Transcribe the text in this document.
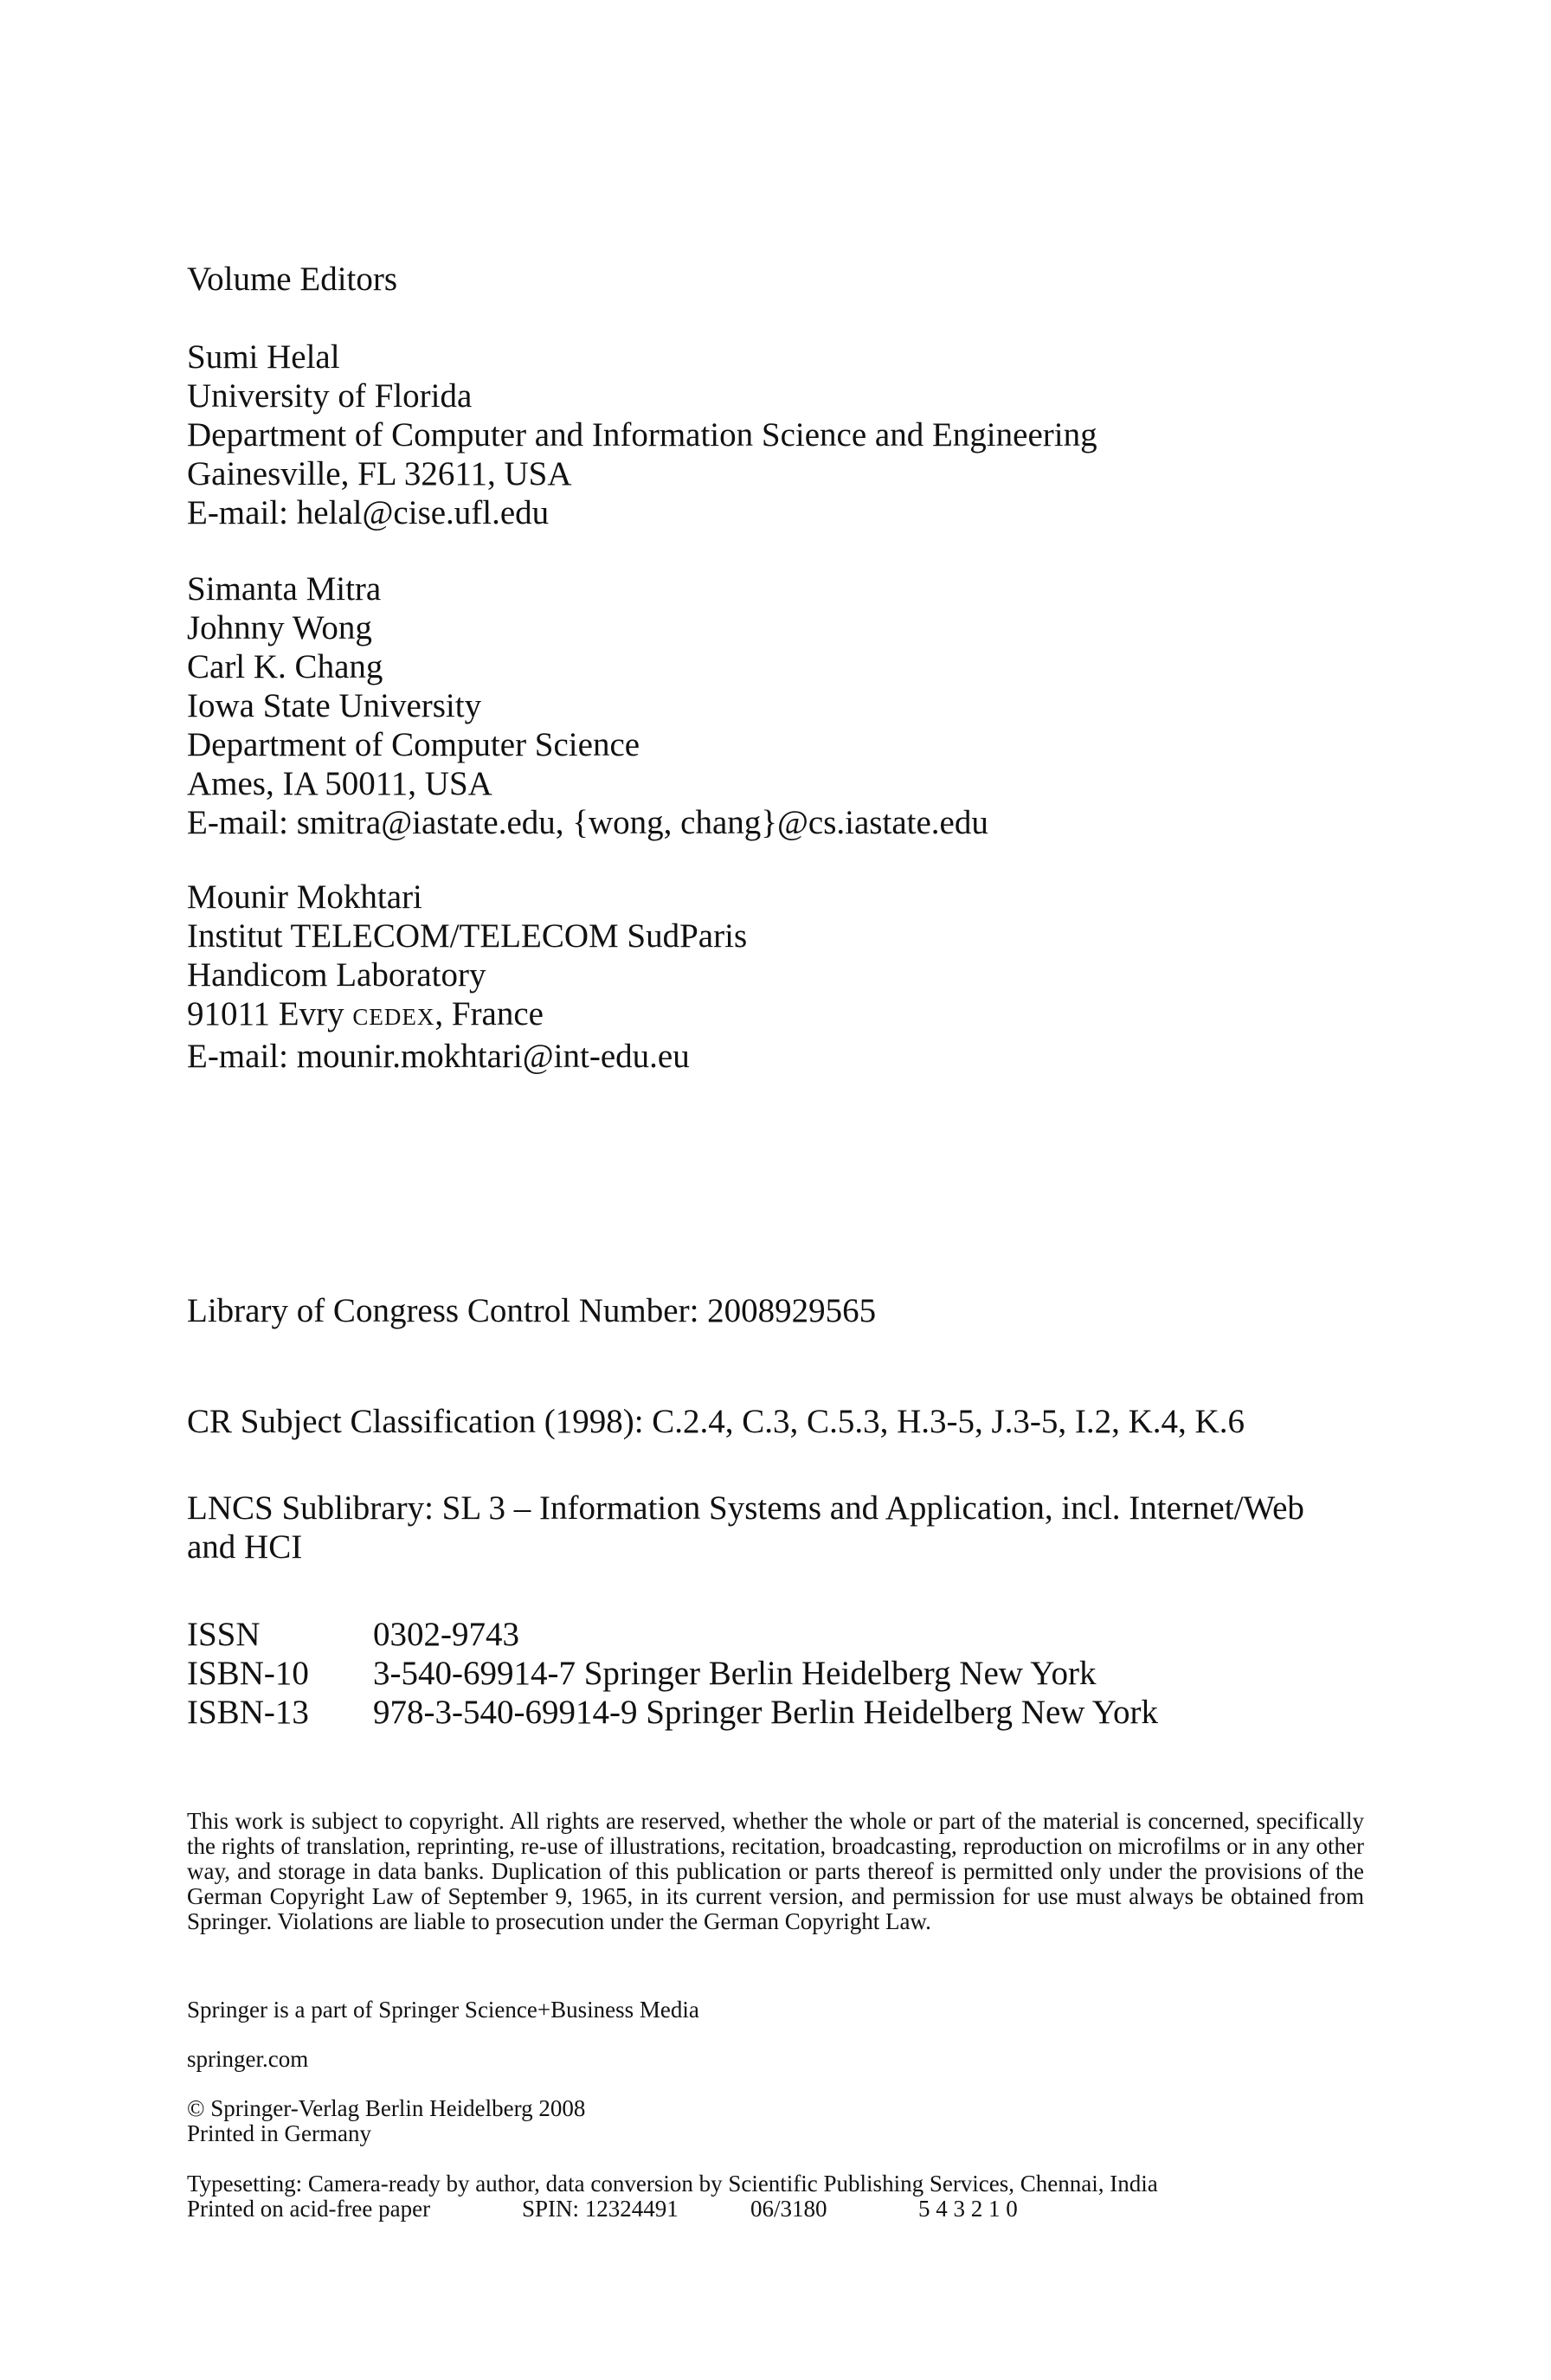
Volume Editors
Sumi Helal
University of Florida
Department of Computer and Information Science and Engineering
Gainesville, FL 32611, USA
E-mail: helal@cise.ufl.edu
Simanta Mitra
Johnny Wong
Carl K. Chang
Iowa State University
Department of Computer Science
Ames, IA 50011, USA
E-mail: smitra@iastate.edu, {wong, chang}@cs.iastate.edu
Mounir Mokhtari
Institut TELECOM/TELECOM SudParis
Handicom Laboratory
91011 Evry CEDEX, France
E-mail: mounir.mokhtari@int-edu.eu
Library of Congress Control Number: 2008929565
CR Subject Classification (1998): C.2.4, C.3, C.5.3, H.3-5, J.3-5, I.2, K.4, K.6
LNCS Sublibrary: SL 3 – Information Systems and Application, incl. Internet/Web
and HCI
ISSN	0302-9743
ISBN-10	3-540-69914-7 Springer Berlin Heidelberg New York
ISBN-13	978-3-540-69914-9 Springer Berlin Heidelberg New York
This work is subject to copyright. All rights are reserved, whether the whole or part of the material is concerned, specifically the rights of translation, reprinting, re-use of illustrations, recitation, broadcasting, reproduction on microfilms or in any other way, and storage in data banks. Duplication of this publication or parts thereof is permitted only under the provisions of the German Copyright Law of September 9, 1965, in its current version, and permission for use must always be obtained from Springer. Violations are liable to prosecution under the German Copyright Law.
Springer is a part of Springer Science+Business Media
springer.com
© Springer-Verlag Berlin Heidelberg 2008
Printed in Germany
Typesetting: Camera-ready by author, data conversion by Scientific Publishing Services, Chennai, India
Printed on acid-free paper	SPIN: 12324491	06/3180	5 4 3 2 1 0
